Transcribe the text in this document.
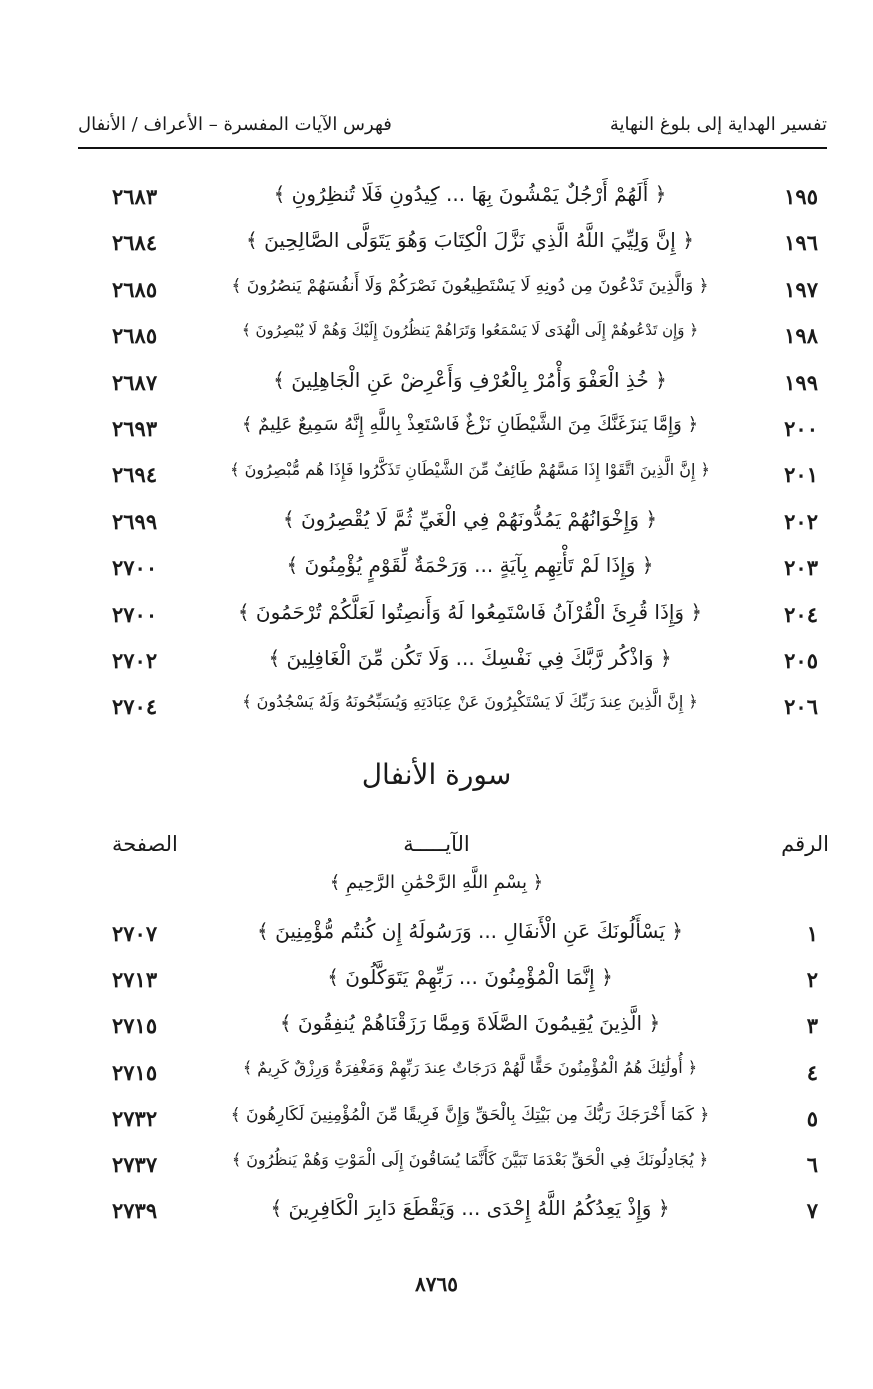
تفسير الهداية إلى بلوغ النهاية
فهرس الآيات المفسرة – الأعراف / الأنفال
١٩٥
﴿ أَلَهُمْ أَرْجُلٌ يَمْشُونَ بِهَا ... كِيدُونِ فَلَا تُنظِرُونِ ﴾
٢٦٨٣
١٩٦
﴿ إِنَّ وَلِيِّيَ اللَّهُ الَّذِي نَزَّلَ الْكِتَابَ وَهُوَ يَتَوَلَّى الصَّالِحِينَ ﴾
٢٦٨٤
١٩٧
﴿ وَالَّذِينَ تَدْعُونَ مِن دُونِهِ لَا يَسْتَطِيعُونَ نَصْرَكُمْ وَلَا أَنفُسَهُمْ يَنصُرُونَ ﴾
٢٦٨٥
١٩٨
﴿ وَإِن تَدْعُوهُمْ إِلَى الْهُدَى لَا يَسْمَعُوا وَتَرَاهُمْ يَنظُرُونَ إِلَيْكَ وَهُمْ لَا يُبْصِرُونَ ﴾
٢٦٨٥
١٩٩
﴿ خُذِ الْعَفْوَ وَأْمُرْ بِالْعُرْفِ وَأَعْرِضْ عَنِ الْجَاهِلِينَ ﴾
٢٦٨٧
٢٠٠
﴿ وَإِمَّا يَنزَغَنَّكَ مِنَ الشَّيْطَانِ نَزْغٌ فَاسْتَعِذْ بِاللَّهِ إِنَّهُ سَمِيعٌ عَلِيمٌ ﴾
٢٦٩٣
٢٠١
﴿ إِنَّ الَّذِينَ اتَّقَوْا إِذَا مَسَّهُمْ طَائِفٌ مِّنَ الشَّيْطَانِ تَذَكَّرُوا فَإِذَا هُم مُّبْصِرُونَ ﴾
٢٦٩٤
٢٠٢
﴿ وَإِخْوَانُهُمْ يَمُدُّونَهُمْ فِي الْغَيِّ ثُمَّ لَا يُقْصِرُونَ ﴾
٢٦٩٩
٢٠٣
﴿ وَإِذَا لَمْ تَأْتِهِم بِآيَةٍ ... وَرَحْمَةٌ لِّقَوْمٍ يُؤْمِنُونَ ﴾
٢٧٠٠
٢٠٤
﴿ وَإِذَا قُرِئَ الْقُرْآنُ فَاسْتَمِعُوا لَهُ وَأَنصِتُوا لَعَلَّكُمْ تُرْحَمُونَ ﴾
٢٧٠٠
٢٠٥
﴿ وَاذْكُر رَّبَّكَ فِي نَفْسِكَ ... وَلَا تَكُن مِّنَ الْغَافِلِينَ ﴾
٢٧٠٢
٢٠٦
﴿ إِنَّ الَّذِينَ عِندَ رَبِّكَ لَا يَسْتَكْبِرُونَ عَنْ عِبَادَتِهِ وَيُسَبِّحُونَهُ وَلَهُ يَسْجُدُونَ ﴾
٢٧٠٤
سورة الأنفال
الرقم
الآيـــــة
الصفحة
﴿ بِسْمِ اللَّهِ الرَّحْمَٰنِ الرَّحِيمِ ﴾
١
﴿ يَسْأَلُونَكَ عَنِ الْأَنفَالِ ... وَرَسُولَهُ إِن كُنتُم مُّؤْمِنِينَ ﴾
٢٧٠٧
٢
﴿ إِنَّمَا الْمُؤْمِنُونَ ... رَبِّهِمْ يَتَوَكَّلُونَ ﴾
٢٧١٣
٣
﴿ الَّذِينَ يُقِيمُونَ الصَّلَاةَ وَمِمَّا رَزَقْنَاهُمْ يُنفِقُونَ ﴾
٢٧١٥
٤
﴿ أُولَٰئِكَ هُمُ الْمُؤْمِنُونَ حَقًّا لَّهُمْ دَرَجَاتٌ عِندَ رَبِّهِمْ وَمَغْفِرَةٌ وَرِزْقٌ كَرِيمٌ ﴾
٢٧١٥
٥
﴿ كَمَا أَخْرَجَكَ رَبُّكَ مِن بَيْتِكَ بِالْحَقِّ وَإِنَّ فَرِيقًا مِّنَ الْمُؤْمِنِينَ لَكَارِهُونَ ﴾
٢٧٣٢
٦
﴿ يُجَادِلُونَكَ فِي الْحَقِّ بَعْدَمَا تَبَيَّنَ كَأَنَّمَا يُسَاقُونَ إِلَى الْمَوْتِ وَهُمْ يَنظُرُونَ ﴾
٢٧٣٧
٧
﴿ وَإِذْ يَعِدُكُمُ اللَّهُ إِحْدَى ... وَيَقْطَعَ دَابِرَ الْكَافِرِينَ ﴾
٢٧٣٩
٨٧٦٥
